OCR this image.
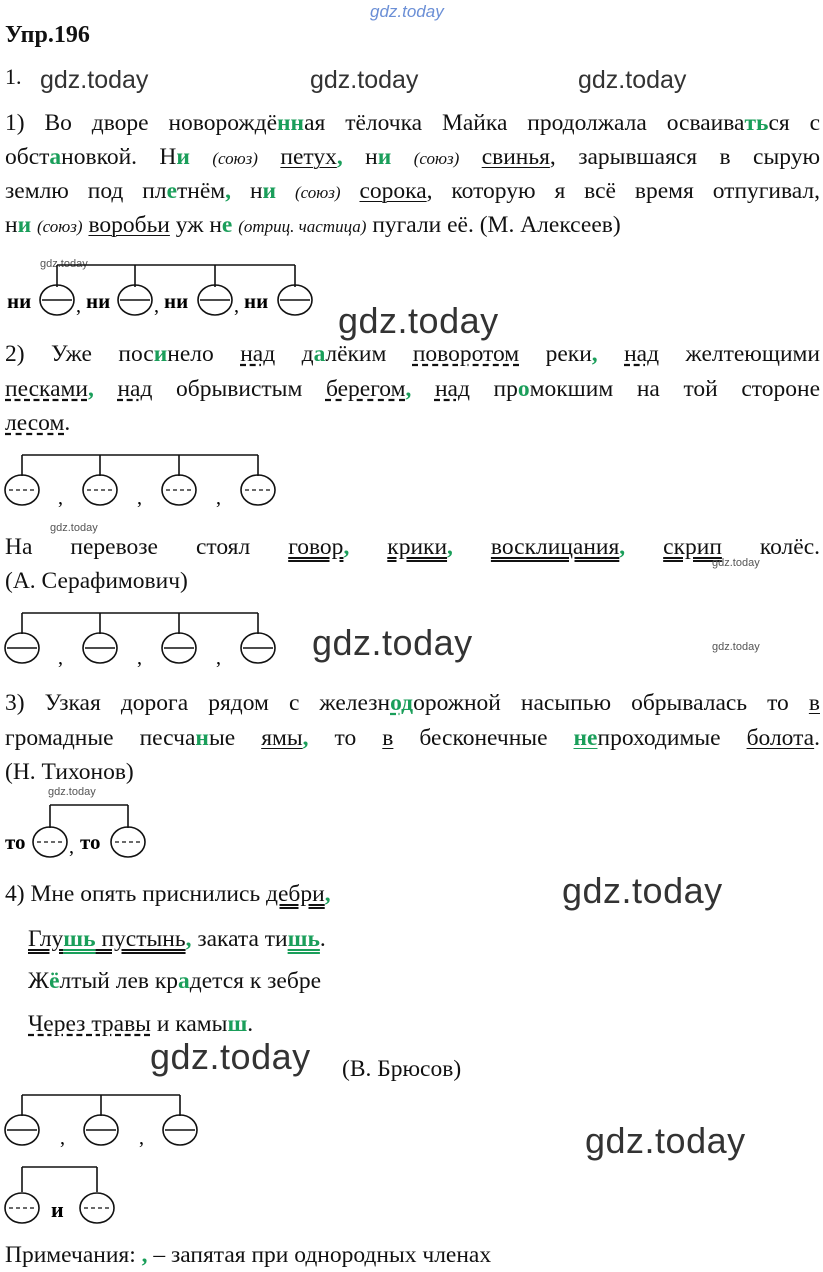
gdz.today
Упр.196
1. gdz.today	gdz.today	gdz.today
1) Во дворе новорождённая тёлочка Майка продолжала осваиваться с
обстановкой. Ни (союз) петух, ни (союз) свинья, зарывшаяся в сырую
землю под плетнём, ни (союз) сорока, которую я всё время отпугивал,
ни (союз) воробьи уж не (отриц. частица) пугали её. (М. Алексеев)
gdz.today
ни , ни , ни , ни gdz.today
2) Уже посинело над далёким поворотом реки, над желтеющими
песками, над обрывистым берегом, над промокшим на той стороне
лесом.
,	,	,
gdz.today
На перевозе стоял говор, крики, восклицания, скрип колёс.
gdz.today
(А. Серафимович)
,	,	,	gdz.today	gdz.today
3) Узкая дорога рядом с железнодорожной насыпью обрывалась то в
громадные песчаные ямы, то в бесконечные непроходимые болота.
(Н. Тихонов)
gdz.today
то , то
4) Мне опять приснились дебри,	gdz.today
Глушь пустынь, заката тишь.
Жёлтый лев крадется к зебре
Через травы и камыш.
gdz.today (В. Брюсов)
,	,	gdz.today
и
Примечания: , – запятая при однородных членах
